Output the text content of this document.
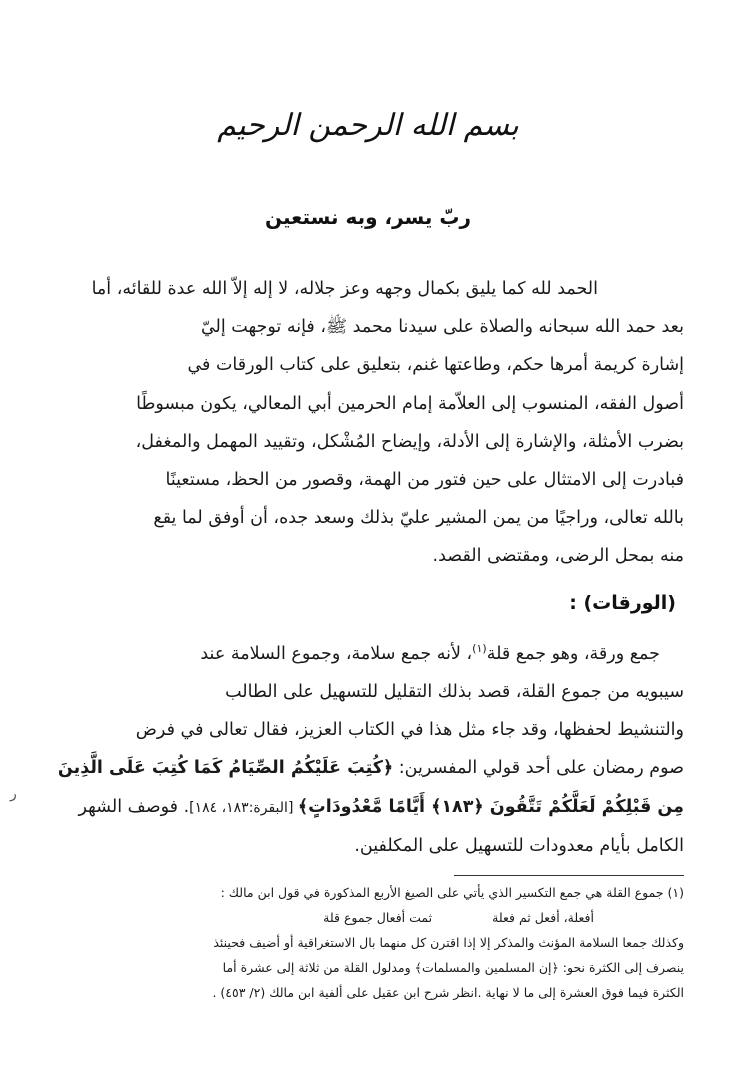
بسم الله الرحمن الرحيم
ربّ يسر، وبه نستعين
الحمد لله كما يليق بكمال وجهه وعز جلاله، لا إله إلاّ الله عدة للقائه، أما
بعد حمد الله سبحانه والصلاة على سيدنا محمد ﷺ، فإنه توجهت إليّ
إشارة كريمة أمرها حكم، وطاعتها غنم، بتعليق على كتاب الورقات في
أصول الفقه، المنسوب إلى العلاّمة إمام الحرمين أبي المعالي، يكون مبسوطًا
بضرب الأمثلة، والإشارة إلى الأدلة، وإيضاح المُشْكل، وتقييد المهمل والمغفل،
فبادرت إلى الامتثال على حين فتور من الهمة، وقصور من الحظ، مستعينًا
بالله تعالى، وراجيًا من يمن المشير عليّ بذلك وسعد جده، أن أوفق لما يقع
منه بمحل الرضى، ومقتضى القصد.
(الورقات) :
جمع ورقة، وهو جمع قلة$^{(١)}$، لأنه جمع سلامة، وجموع السلامة عند
سيبويه من جموع القلة، قصد بذلك التقليل للتسهيل على الطالب
والتنشيط لحفظها، وقد جاء مثل هذا في الكتاب العزيز، فقال تعالى في فرض
صوم رمضان على أحد قولي المفسرين: ﴿كُتِبَ عَلَيْكُمُ الصِّيَامُ كَمَا كُتِبَ عَلَى الَّذِينَ
مِن قَبْلِكُمْ لَعَلَّكُمْ تَتَّقُونَ ﴿١٨٣﴾ أَيَّامًا مَّعْدُودَاتٍ﴾ [البقرة:١٨٣، ١٨٤]. فوصف الشهر
الكامل بأيام معدودات للتسهيل على المكلفين.
ر
(١) جموع القلة هي جمع التكسير الذي يأتي على الصيغ الأربع المذكورة في قول ابن مالك :
أفعلة، أفعل ثم فعلة
ثمت أفعال جموع قلة
وكذلك جمعا السلامة المؤنث والمذكر إلا إذا اقترن كل منهما بال الاستغراقية أو أضيف فحينئذ
ينصرف إلى الكثرة نحو: ﴿إن المسلمين والمسلمات﴾ ومدلول القلة من ثلاثة إلى عشرة أما
الكثرة فيما فوق العشرة إلى ما لا نهاية .انظر شرح ابن عقيل على ألفية ابن مالك (٢/ ٤٥٣) .
